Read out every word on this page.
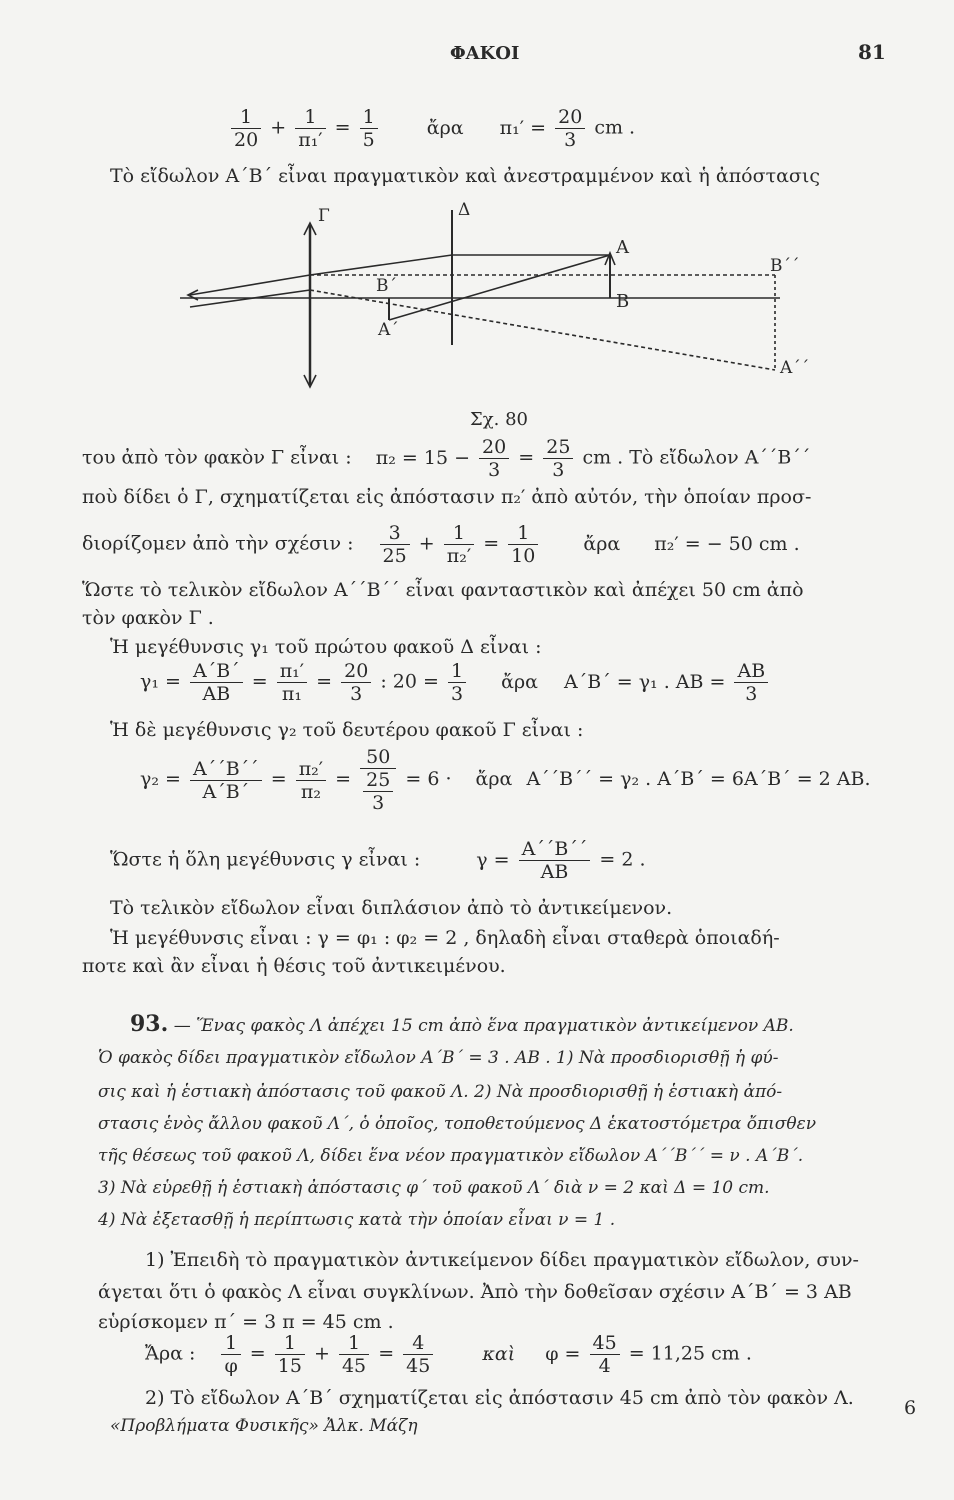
ΦΑΚΟΙ	81
$\frac{1}{20} + \frac{1}{\text{π₁′}} = \frac{1}{5}$	ἄρα $\pi_1' = \frac{20}{3}$ cm .
Τὸ εἴδωλον Α΄Β΄ εἶναι πραγματικὸν καὶ ἀνεστραμμένον καὶ ἡ ἀπόστασις
Γ	Δ
Α
Β
Β΄
Α΄
Β΄΄
Α΄΄
Σχ. 80
του ἀπὸ τὸν φακὸν Γ εἶναι : $\pi_2 = 15 - \frac{20}{3} = \frac{25}{3}$ cm . Τὸ εἴδωλον Α΄΄Β΄΄
ποὺ δίδει ὁ Γ, σχηματίζεται εἰς ἀπόστασιν π₂′ ἀπὸ αὐτόν, τὴν ὁποίαν προσ-
διορίζομεν ἀπὸ τὴν σχέσιν : $\frac{3}{25} + \frac{1}{\text{π₂′}} = \frac{1}{10}$ ἄρα π₂′ = − 50 cm .
Ὥστε τὸ τελικὸν εἴδωλον Α΄΄Β΄΄ εἶναι φανταστικὸν καὶ ἀπέχει 50 cm ἀπὸ
τὸν φακὸν Γ .
Ἡ μεγέθυνσις γ₁ τοῦ πρώτου φακοῦ Δ εἶναι :
$\gamma_1 = \frac{A΄B΄}{AB} = \frac{\text{π₁′}}{\text{π₁}} = \frac{20}{3}$ : $20 = \frac{1}{3}$ ἄρα Α΄Β΄ = γ₁ . $AB = \frac{AB}{3}$
Ἡ δὲ μεγέθυνσις γ₂ τοῦ δευτέρου φακοῦ Γ εἶναι :
$\gamma_2 = \frac{A΄΄B΄΄}{A΄B΄} = \frac{\text{π₂′}}{\text{π₂}} = \frac{50}{\frac{25}{3}} = 6$ · ἄρα Α΄΄Β΄΄ = γ₂ . Α΄Β΄ = 6Α΄Β΄ = 2 ΑΒ.
Ὥστε ἡ ὅλη μεγέθυνσις γ εἶναι :	$\gamma = \frac{A΄΄B΄΄}{AB} = 2$ .
Τὸ τελικὸν εἴδωλον εἶναι διπλάσιον ἀπὸ τὸ ἀντικείμενον.
Ἡ μεγέθυνσις εἶναι : γ = φ₁ : φ₂ = 2 , δηλαδὴ εἶναι σταθερὰ ὁποιαδή-
ποτε καὶ ἂν εἶναι ἡ θέσις τοῦ ἀντικειμένου.
93. — Ἕνας φακὸς Λ ἀπέχει 15 cm ἀπὸ ἕνα πραγματικὸν ἀντικείμενον ΑΒ.
Ὁ φακὸς δίδει πραγματικὸν εἴδωλον Α΄Β΄ = 3 . ΑΒ . 1) Νὰ προσδιορισθῇ ἡ φύ-
σις καὶ ἡ ἑστιακὴ ἀπόστασις τοῦ φακοῦ Λ. 2) Νὰ προσδιορισθῇ ἡ ἑστιακὴ ἀπό-
στασις ἑνὸς ἄλλου φακοῦ Λ΄, ὁ ὁποῖος, τοποθετούμενος Δ ἑκατοστόμετρα ὄπισθεν
τῆς θέσεως τοῦ φακοῦ Λ, δίδει ἕνα νέον πραγματικὸν εἴδωλον Α΄΄Β΄΄ = ν . Α΄Β΄.
3) Νὰ εὑρεθῇ ἡ ἑστιακὴ ἀπόστασις φ΄ τοῦ φακοῦ Λ΄ διὰ ν = 2 καὶ Δ = 10 cm.
4) Νὰ ἐξετασθῇ ἡ περίπτωσις κατὰ τὴν ὁποίαν εἶναι ν = 1 .
1) Ἐπειδὴ τὸ πραγματικὸν ἀντικείμενον δίδει πραγματικὸν εἴδωλον, συν-
άγεται ὅτι ὁ φακὸς Λ εἶναι συγκλίνων. Ἀπὸ τὴν δοθεῖσαν σχέσιν Α΄Β΄ = 3 ΑΒ
εὑρίσκομεν π΄ = 3 π = 45 cm .
Ἄρα : $\frac{1}{\varphi} = \frac{1}{15} + \frac{1}{45} = \frac{4}{45}$	καὶ $\varphi = \frac{45}{4} = 11,25$ cm .
2) Τὸ εἴδωλον Α΄Β΄ σχηματίζεται εἰς ἀπόστασιν 45 cm ἀπὸ τὸν φακὸν Λ.
«Προβλήματα Φυσικῆς» Ἀλκ. Μάζη
6
